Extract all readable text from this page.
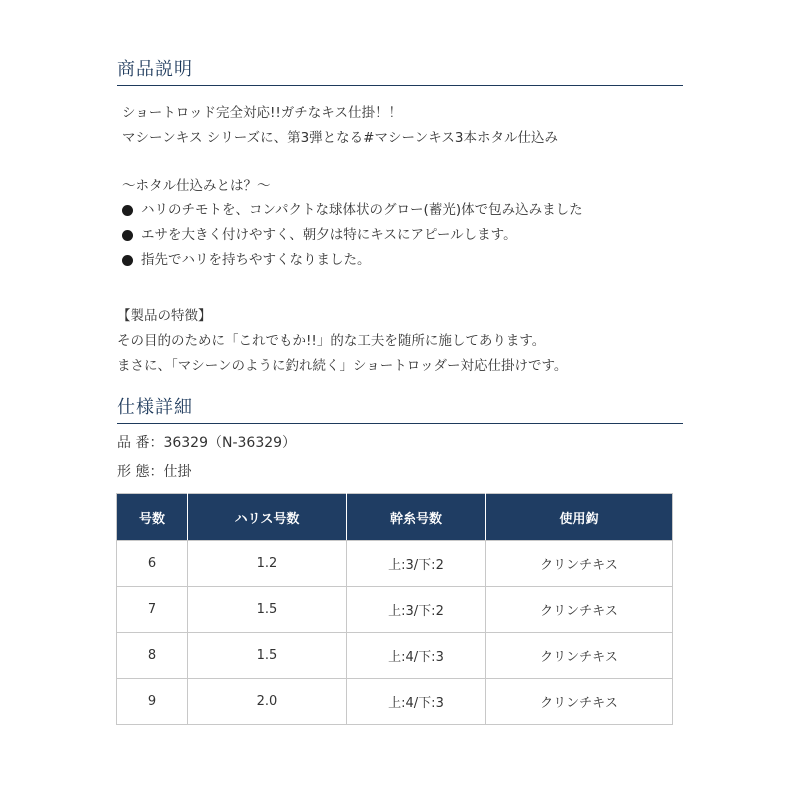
商品説明
ショートロッド完全対応!!ガチなキス仕掛！！
マシーンキス シリーズに、第3弾となる#マシーンキス3本ホタル仕込み
～ホタル仕込みとは？～
ハリのチモトを、コンパクトな球体状のグロー(蓄光)体で包み込みました
エサを大きく付けやすく、朝夕は特にキスにアピールします。
指先でハリを持ちやすくなりました。
【製品の特徴】
その目的のために「これでもか!!」的な工夫を随所に施してあります。
まさに、「マシーンのように釣れ続く」ショートロッダー対応仕掛けです。
仕様詳細
品 番：36329（N-36329）
形 態：仕掛
号数	ハリス号数	幹糸号数	使用鈎
6	1.2	上:3/下:2	クリンチキス
7	1.5	上:3/下:2	クリンチキス
8	1.5	上:4/下:3	クリンチキス
9	2.0	上:4/下:3	クリンチキス
